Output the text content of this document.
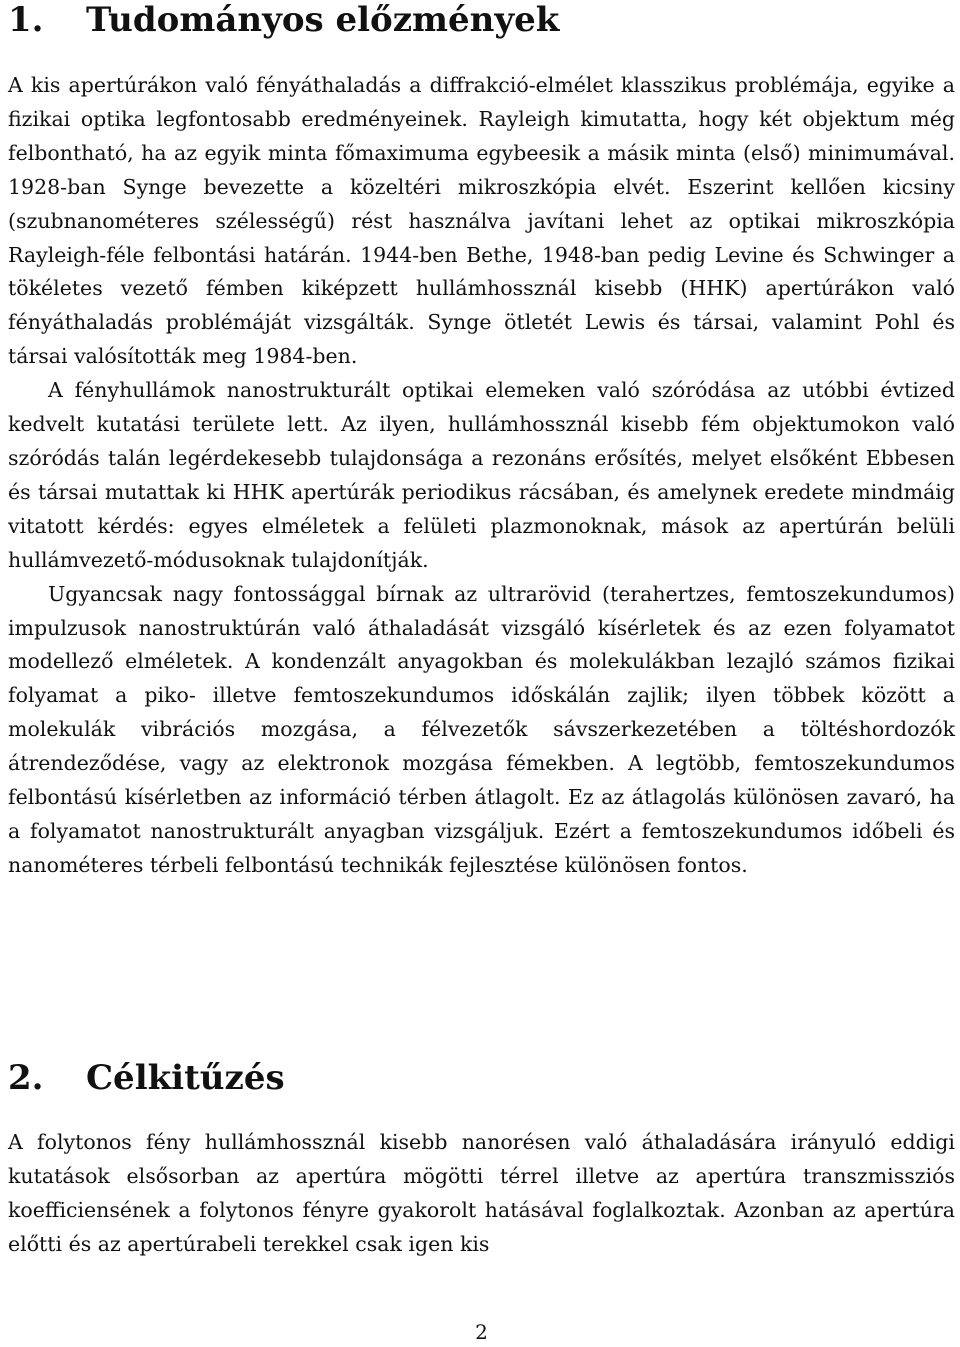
1. Tudományos előzmények

A kis apertúrákon való fényáthaladás a diffrakció-elmélet klasszikus problémája, egyike a fizikai optika legfontosabb eredményeinek. Rayleigh kimutatta, hogy két objektum még felbontható, ha az egyik minta főmaximuma egybeesik a másik minta (első) minimumával. 1928-ban Synge bevezette a közeltéri mikroszkópia elvét. Eszerint kellően kicsiny (szubnanométeres szélességű) rést használva javítani lehet az optikai mikroszkópia Rayleigh-féle felbontási határán. 1944-ben Bethe, 1948-ban pedig Levine és Schwinger a tökéletes vezető fémben kiképzett hullámhossznál kisebb (HHK) apertúrákon való fényáthaladás problémáját vizsgálták. Synge ötletét Lewis és társai, valamint Pohl és társai valósították meg 1984-ben.

A fényhullámok nanostrukturált optikai elemeken való szóródása az utóbbi évtized kedvelt kutatási területe lett. Az ilyen, hullámhossznál kisebb fém objektumokon való szóródás talán legérdekesebb tulajdonsága a rezonáns erősítés, melyet elsőként Ebbesen és társai mutattak ki HHK apertúrák periodikus rácsában, és amelynek eredete mindmáig vitatott kérdés: egyes elméletek a felületi plazmonoknak, mások az apertúrán belüli hullámvezető-módusoknak tulajdonítják.

Ugyancsak nagy fontossággal bírnak az ultrarövid (terahertzes, femtoszekundumos) impulzusok nanostruktúrán való áthaladását vizsgáló kísérletek és az ezen folyamatot modellező elméletek. A kondenzált anyagokban és molekulákban lezajló számos fizikai folyamat a piko- illetve femtoszekundumos időskálán zajlik; ilyen többek között a molekulák vibrációs mozgása, a félvezetők sávszerkezetében a töltéshordozók átrendeződése, vagy az elektronok mozgása fémekben. A legtöbb, femtoszekundumos felbontású kísérletben az információ térben átlagolt. Ez az átlagolás különösen zavaró, ha a folyamatot nanostrukturált anyagban vizsgáljuk. Ezért a femtoszekundumos időbeli és nanométeres térbeli felbontású technikák fejlesztése különösen fontos.

2. Célkitűzés

A folytonos fény hullámhossznál kisebb nanorésen való áthaladására irányuló eddigi kutatások elsősorban az apertúra mögötti térrel illetve az apertúra transzmissziós koefficiensének a folytonos fényre gyakorolt hatásával foglalkoztak. Azonban az apertúra előtti és az apertúrabeli terekkel csak igen kis

2
